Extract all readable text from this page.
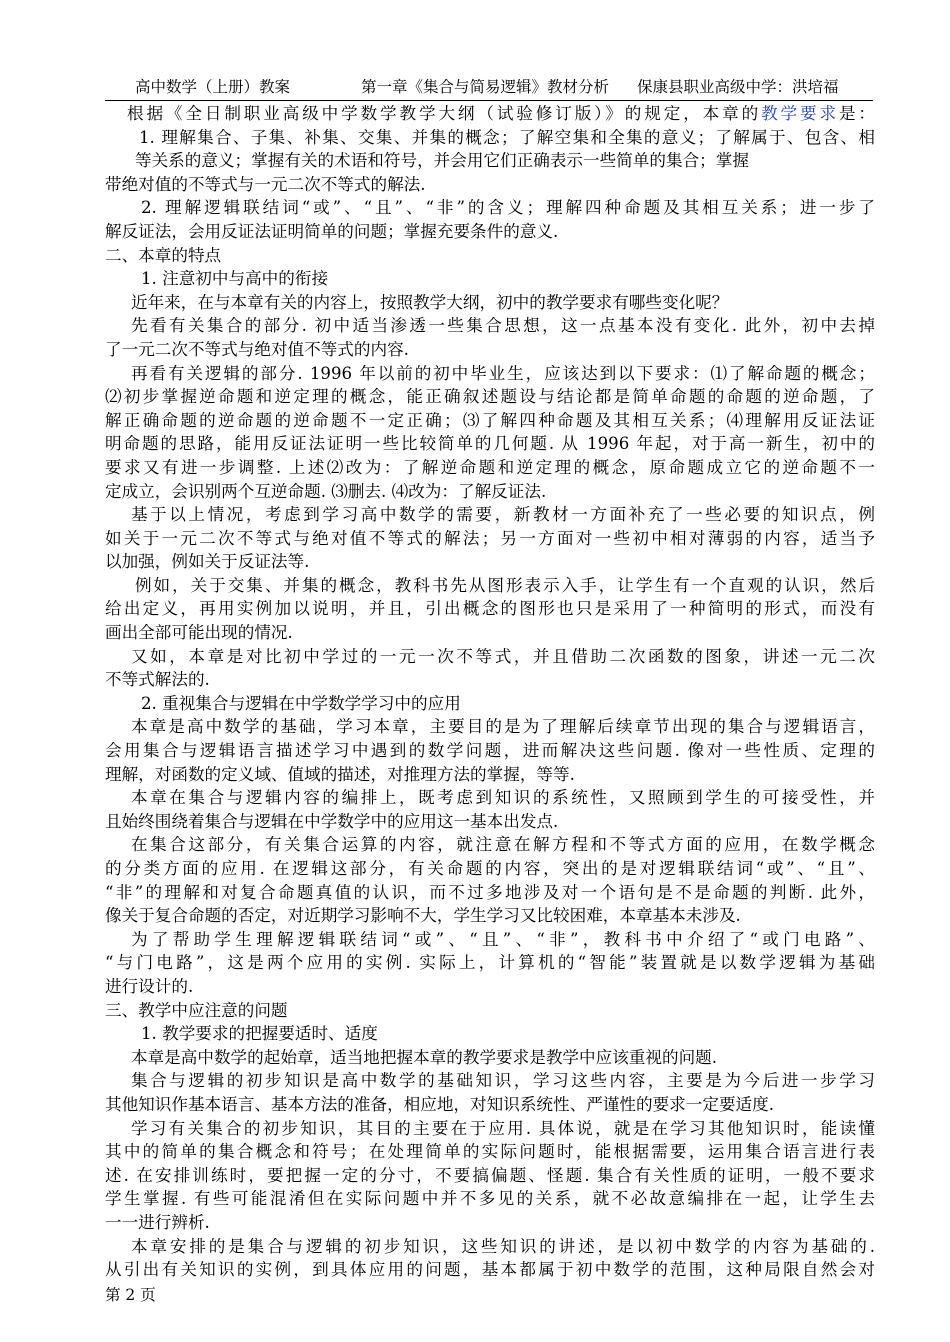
高中数学（上册）教案	第一章《集合与简易逻辑》教材分析 保康县职业高级中学：洪培福
根据《全日制职业高级中学数学教学大纲（试验修订版）》的规定，本章的教学要求是：
1. 理解集合、子集、补集、交集、并集的概念；了解空集和全集的意义；了解属于、包含、相
等关系的意义；掌握有关的术语和符号，并会用它们正确表示一些简单的集合；掌握
带绝对值的不等式与一元二次不等式的解法.
2. 理解逻辑联结词“或”、“且”、“非”的含义；理解四种命题及其相互关系；进一步了
解反证法，会用反证法证明简单的问题；掌握充要条件的意义.
二、本章的特点
1. 注意初中与高中的衔接
近年来，在与本章有关的内容上，按照教学大纲，初中的教学要求有哪些变化呢？
先看有关集合的部分. 初中适当渗透一些集合思想，这一点基本没有变化. 此外，初中去掉
了一元二次不等式与绝对值不等式的内容.
再看有关逻辑的部分. 1996 年以前的初中毕业生，应该达到以下要求：⑴了解命题的概念；
⑵初步掌握逆命题和逆定理的概念，能正确叙述题设与结论都是简单命题的命题的逆命题，了
解正确命题的逆命题的逆命题不一定正确；⑶了解四种命题及其相互关系；⑷理解用反证法证
明命题的思路，能用反证法证明一些比较简单的几何题. 从 1996 年起，对于高一新生，初中的
要求又有进一步调整. 上述⑵改为：了解逆命题和逆定理的概念，原命题成立它的逆命题不一
定成立，会识别两个互逆命题. ⑶删去. ⑷改为：了解反证法.
基于以上情况，考虑到学习高中数学的需要，新教材一方面补充了一些必要的知识点，例
如关于一元二次不等式与绝对值不等式的解法；另一方面对一些初中相对薄弱的内容，适当予
以加强，例如关于反证法等.
例如，关于交集、并集的概念，教科书先从图形表示入手，让学生有一个直观的认识，然后
给出定义，再用实例加以说明，并且，引出概念的图形也只是采用了一种简明的形式，而没有
画出全部可能出现的情况.
又如，本章是对比初中学过的一元一次不等式，并且借助二次函数的图象，讲述一元二次
不等式解法的.
2. 重视集合与逻辑在中学数学学习中的应用
本章是高中数学的基础，学习本章，主要目的是为了理解后续章节出现的集合与逻辑语言，
会用集合与逻辑语言描述学习中遇到的数学问题，进而解决这些问题. 像对一些性质、定理的
理解，对函数的定义域、值域的描述，对推理方法的掌握，等等.
本章在集合与逻辑内容的编排上，既考虑到知识的系统性，又照顾到学生的可接受性，并
且始终围绕着集合与逻辑在中学数学中的应用这一基本出发点.
在集合这部分，有关集合运算的内容，就注意在解方程和不等式方面的应用，在数学概念
的分类方面的应用. 在逻辑这部分，有关命题的内容，突出的是对逻辑联结词“或”、“且”、
“非”的理解和对复合命题真值的认识，而不过多地涉及对一个语句是不是命题的判断. 此外，
像关于复合命题的否定，对近期学习影响不大，学生学习又比较困难，本章基本未涉及.
为了帮助学生理解逻辑联结词“或”、“且”、“非”，教科书中介绍了“或门电路”、
“与门电路”，这是两个应用的实例. 实际上，计算机的“智能”装置就是以数学逻辑为基础
进行设计的.
三、教学中应注意的问题
1. 教学要求的把握要适时、适度
本章是高中数学的起始章，适当地把握本章的教学要求是教学中应该重视的问题.
集合与逻辑的初步知识是高中数学的基础知识，学习这些内容，主要是为今后进一步学习
其他知识作基本语言、基本方法的准备，相应地，对知识系统性、严谨性的要求一定要适度.
学习有关集合的初步知识，其目的主要在于应用. 具体说，就是在学习其他知识时，能读懂
其中的简单的集合概念和符号；在处理简单的实际问题时，能根据需要，运用集合语言进行表
述. 在安排训练时，要把握一定的分寸，不要搞偏题、怪题. 集合有关性质的证明，一般不要求
学生掌握. 有些可能混淆但在实际问题中并不多见的关系，就不必故意编排在一起，让学生去
一一进行辨析.
本章安排的是集合与逻辑的初步知识，这些知识的讲述，是以初中数学的内容为基础的.
从引出有关知识的实例，到具体应用的问题，基本都属于初中数学的范围，这种局限自然会对
第 2 页
